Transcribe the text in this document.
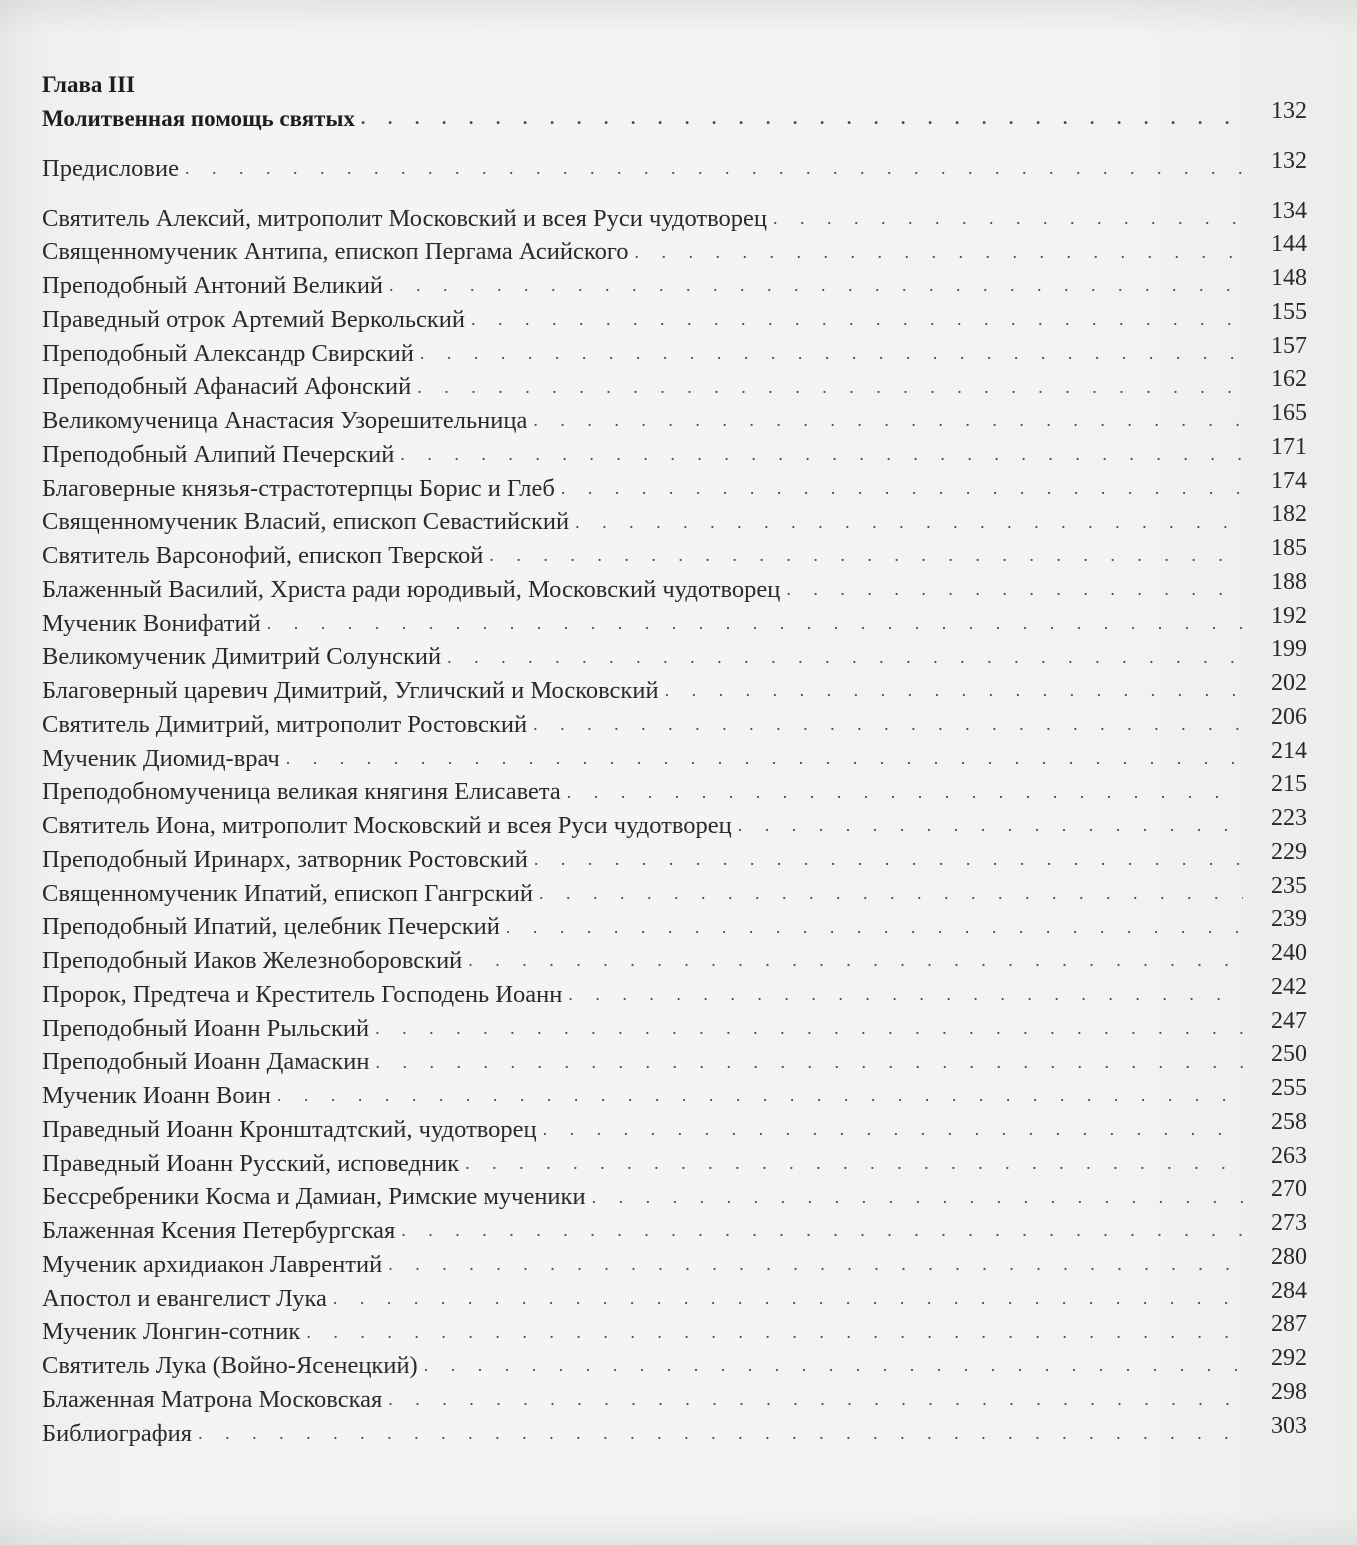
Глава III
Молитвенная помощь святых . . .	132
Предисловие . . .	132
Святитель Алексий, митрополит Московский и всея Руси чудотворец . . .	134
Священномученик Антипа, епископ Пергама Асийского . . .	144
Преподобный Антоний Великий . . .	148
Праведный отрок Артемий Веркольский . . .	155
Преподобный Александр Свирский . . .	157
Преподобный Афанасий Афонский . . .	162
Великомученица Анастасия Узорешительница . . .	165
Преподобный Алипий Печерский . . .	171
Благоверные князья-страстотерпцы Борис и Глеб . . .	174
Священномученик Власий, епископ Севастийский . . .	182
Святитель Варсонофий, епископ Тверской . . .	185
Блаженный Василий, Христа ради юродивый, Московский чудотворец . . .	188
Мученик Вонифатий . . .	192
Великомученик Димитрий Солунский . . .	199
Благоверный царевич Димитрий, Угличский и Московский . . .	202
Святитель Димитрий, митрополит Ростовский . . .	206
Мученик Диомид-врач . . .	214
Преподобномученица великая княгиня Елисавета . . .	215
Святитель Иона, митрополит Московский и всея Руси чудотворец . . .	223
Преподобный Иринарх, затворник Ростовский . . .	229
Священномученик Ипатий, епископ Гангрский . . .	235
Преподобный Ипатий, целебник Печерский . . .	239
Преподобный Иаков Железноборовский . . .	240
Пророк, Предтеча и Креститель Господень Иоанн . . .	242
Преподобный Иоанн Рыльский . . .	247
Преподобный Иоанн Дамаскин . . .	250
Мученик Иоанн Воин . . .	255
Праведный Иоанн Кронштадтский, чудотворец . . .	258
Праведный Иоанн Русский, исповедник . . .	263
Бессребреники Косма и Дамиан, Римские мученики . . .	270
Блаженная Ксения Петербургская . . .	273
Мученик архидиакон Лаврентий . . .	280
Апостол и евангелист Лука . . .	284
Мученик Лонгин-сотник . . .	287
Святитель Лука (Войно-Ясенецкий) . . .	292
Блаженная Матрона Московская . . .	298
Библиография . . .	303
